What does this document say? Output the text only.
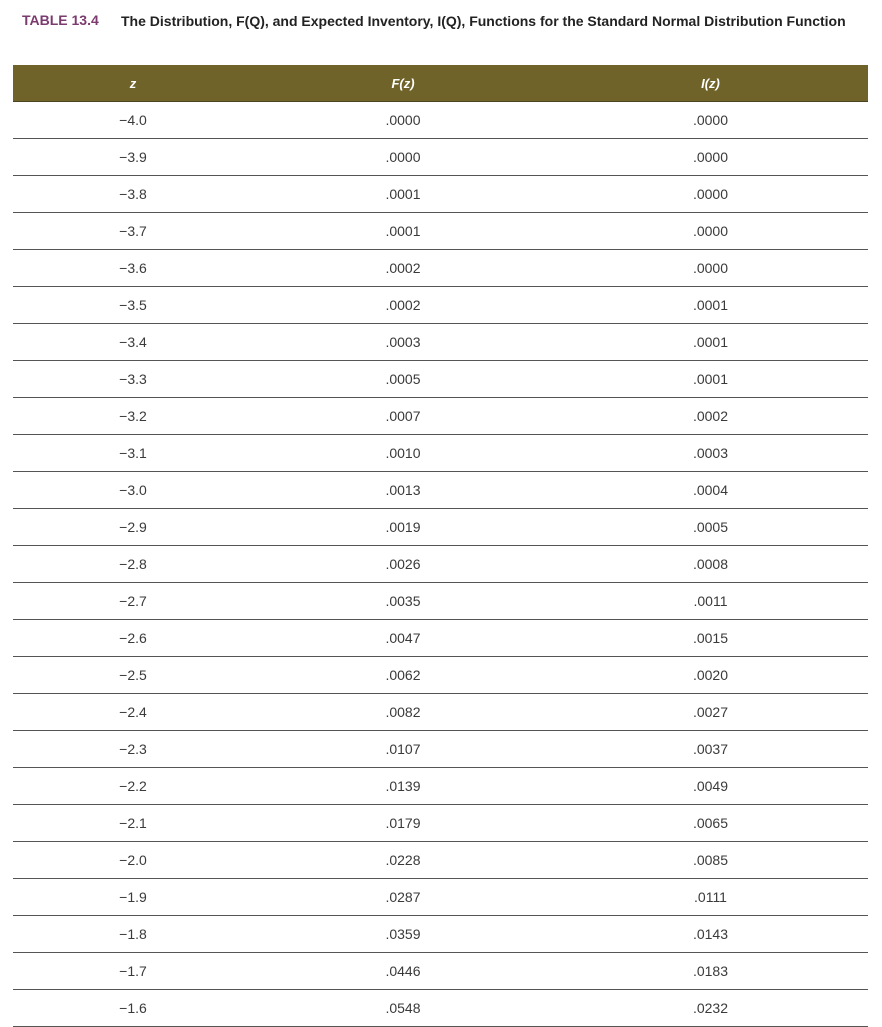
TABLE 13.4 The Distribution, F(Q), and Expected Inventory, I(Q), Functions for the Standard Normal Distribution Function
z	F(z)	I(z)
−4.0	.0000	.0000
−3.9	.0000	.0000
−3.8	.0001	.0000
−3.7	.0001	.0000
−3.6	.0002	.0000
−3.5	.0002	.0001
−3.4	.0003	.0001
−3.3	.0005	.0001
−3.2	.0007	.0002
−3.1	.0010	.0003
−3.0	.0013	.0004
−2.9	.0019	.0005
−2.8	.0026	.0008
−2.7	.0035	.0011
−2.6	.0047	.0015
−2.5	.0062	.0020
−2.4	.0082	.0027
−2.3	.0107	.0037
−2.2	.0139	.0049
−2.1	.0179	.0065
−2.0	.0228	.0085
−1.9	.0287	.0111
−1.8	.0359	.0143
−1.7	.0446	.0183
−1.6	.0548	.0232
